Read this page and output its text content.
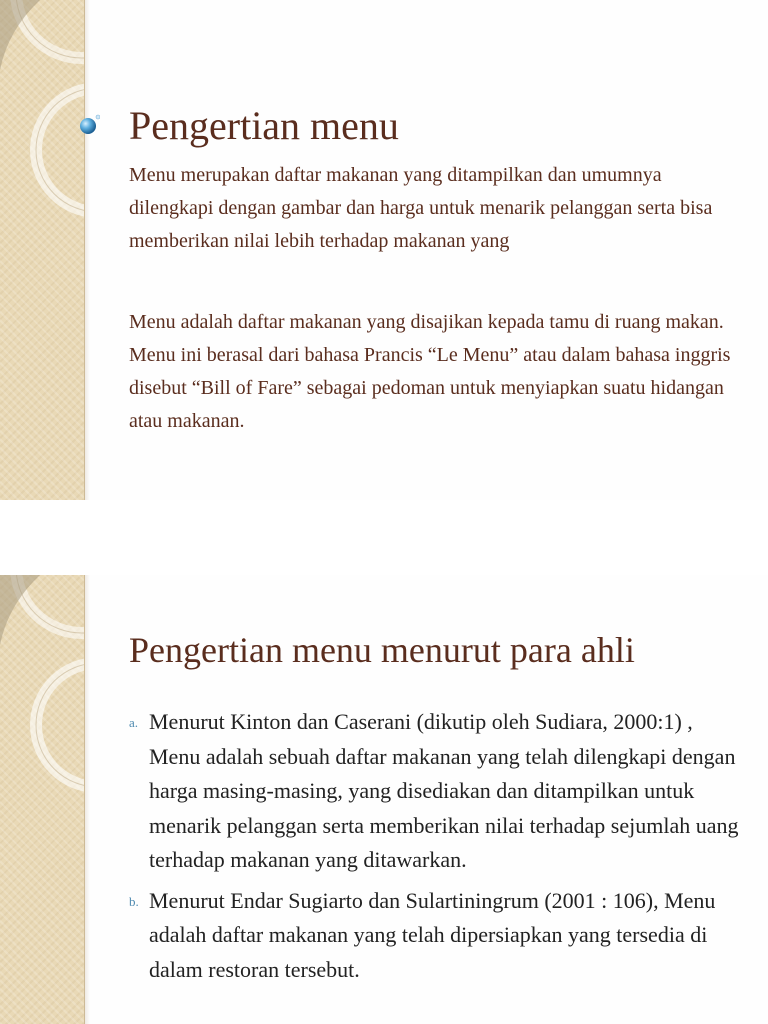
Pengertian menu

Menu merupakan daftar makanan yang ditampilkan dan umumnya dilengkapi dengan gambar dan harga untuk menarik pelanggan serta bisa memberikan nilai lebih terhadap makanan yang

Menu adalah daftar makanan yang disajikan kepada tamu di ruang makan. Menu ini berasal dari bahasa Prancis “Le Menu” atau dalam bahasa inggris disebut “Bill of Fare” sebagai pedoman untuk menyiapkan suatu hidangan atau makanan.

Pengertian menu menurut para ahli
a. Menurut Kinton dan Caserani (dikutip oleh Sudiara, 2000:1) , Menu adalah sebuah daftar makanan yang telah dilengkapi dengan harga masing-masing, yang disediakan dan ditampilkan untuk menarik pelanggan serta memberikan nilai terhadap sejumlah uang terhadap makanan yang ditawarkan.
b. Menurut Endar Sugiarto dan Sulartiningrum (2001 : 106), Menu adalah daftar makanan yang telah dipersiapkan yang tersedia di dalam restoran tersebut.
